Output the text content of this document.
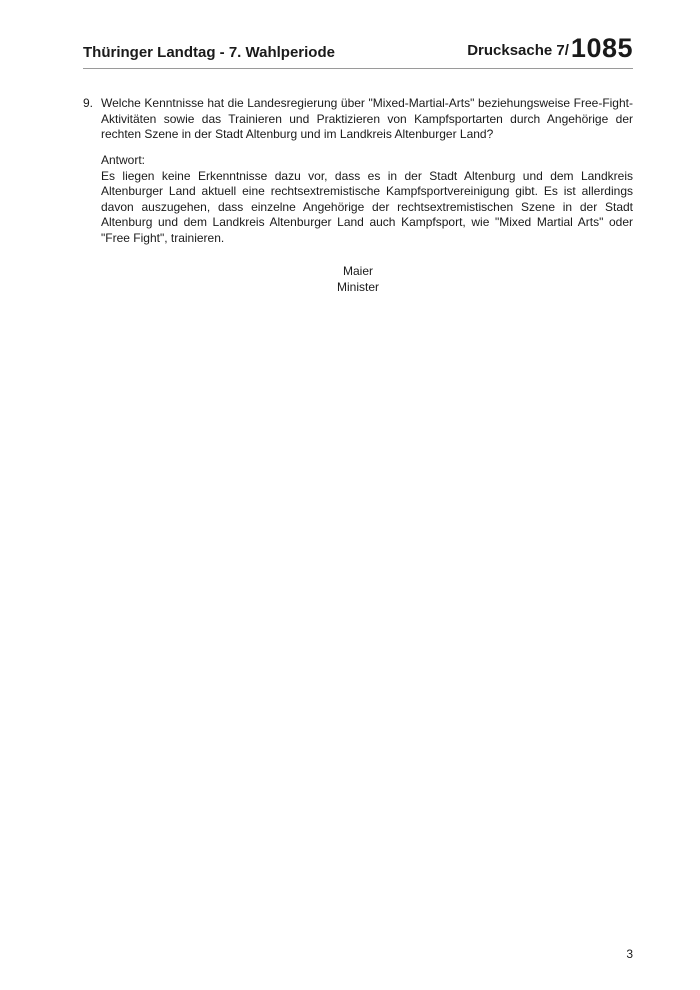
Thüringer Landtag - 7. Wahlperiode	Drucksache 7/1085
9. Welche Kenntnisse hat die Landesregierung über "Mixed-Martial-Arts" beziehungsweise Free-Fight-Aktivitäten sowie das Trainieren und Praktizieren von Kampfsportarten durch Angehörige der rechten Szene in der Stadt Altenburg und im Landkreis Altenburger Land?
Antwort:
Es liegen keine Erkenntnisse dazu vor, dass es in der Stadt Altenburg und dem Landkreis Altenburger Land aktuell eine rechtsextremistische Kampfsportvereinigung gibt. Es ist allerdings davon auszugehen, dass einzelne Angehörige der rechtsextremistischen Szene in der Stadt Altenburg und dem Landkreis Altenburger Land auch Kampfsport, wie "Mixed Martial Arts" oder "Free Fight", trainieren.
Maier
Minister
3
